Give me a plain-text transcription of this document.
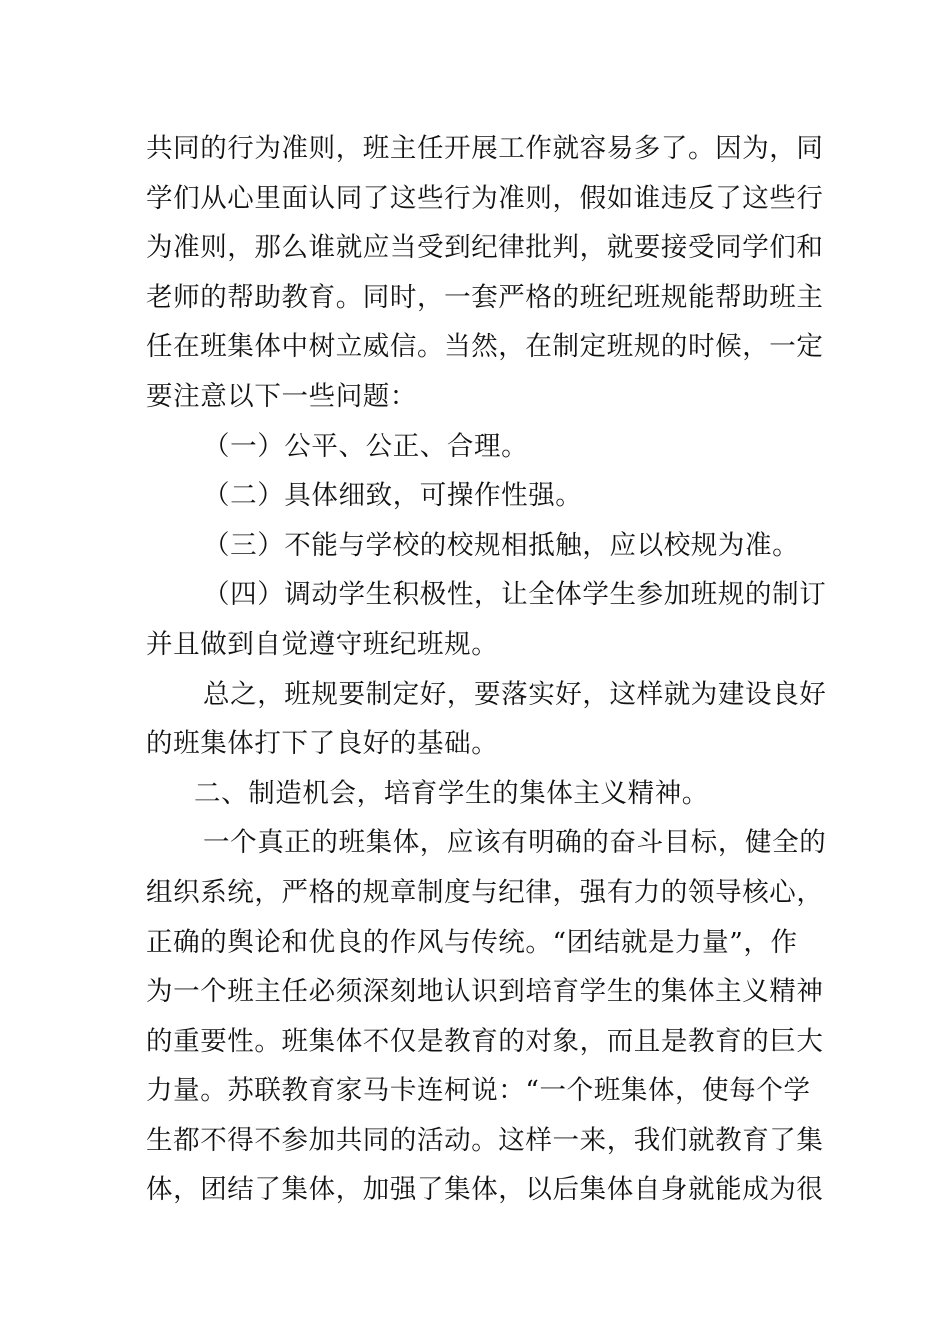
共同的行为准则，班主任开展工作就容易多了。因为，同
学们从心里面认同了这些行为准则，假如谁违反了这些行
为准则，那么谁就应当受到纪律批判，就要接受同学们和
老师的帮助教育。同时，一套严格的班纪班规能帮助班主
任在班集体中树立威信。当然，在制定班规的时候，一定
要注意以下一些问题：
（一）公平、公正、合理。
（二）具体细致，可操作性强。
（三）不能与学校的校规相抵触，应以校规为准。
（四）调动学生积极性，让全体学生参加班规的制订
并且做到自觉遵守班纪班规。
总之，班规要制定好，要落实好，这样就为建设良好
的班集体打下了良好的基础。
二、制造机会，培育学生的集体主义精神。
一个真正的班集体，应该有明确的奋斗目标，健全的
组织系统，严格的规章制度与纪律，强有力的领导核心，
正确的舆论和优良的作风与传统。“团结就是力量”，作
为一个班主任必须深刻地认识到培育学生的集体主义精神
的重要性。班集体不仅是教育的对象，而且是教育的巨大
力量。苏联教育家马卡连柯说：“一个班集体，使每个学
生都不得不参加共同的活动。这样一来，我们就教育了集
体，团结了集体，加强了集体，以后集体自身就能成为很
